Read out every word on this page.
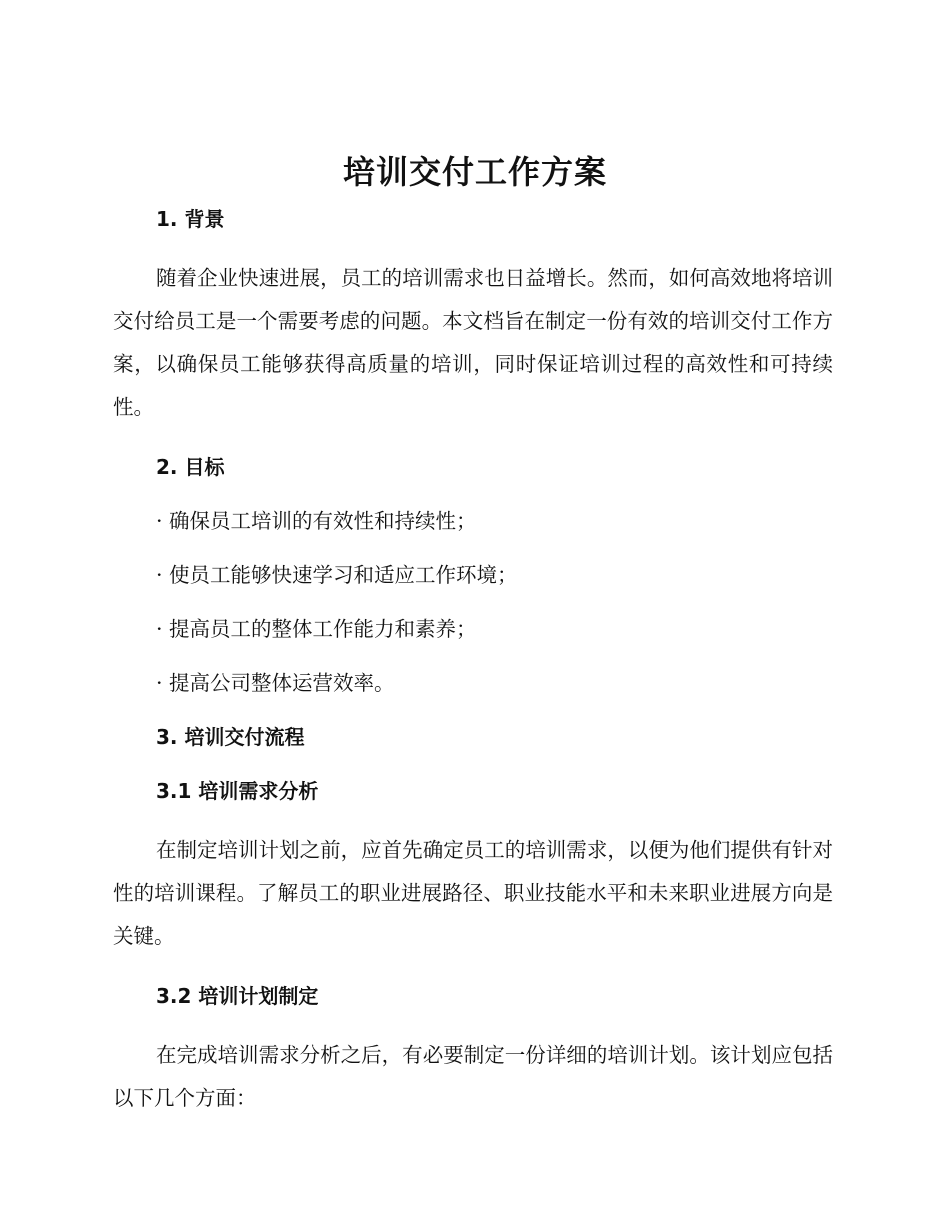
培训交付工作方案
1. 背景

随着企业快速进展，员工的培训需求也日益增长。然而，如何高效地将培训交付给员工是一个需要考虑的问题。本文档旨在制定一份有效的培训交付工作方案，以确保员工能够获得高质量的培训，同时保证培训过程的高效性和可持续性。

2. 目标
· 确保员工培训的有效性和持续性；
· 使员工能够快速学习和适应工作环境；
· 提高员工的整体工作能力和素养；
· 提高公司整体运营效率。
3. 培训交付流程
3.1 培训需求分析

在制定培训计划之前，应首先确定员工的培训需求，以便为他们提供有针对性的培训课程。了解员工的职业进展路径、职业技能水平和未来职业进展方向是关键。

3.2 培训计划制定

在完成培训需求分析之后，有必要制定一份详细的培训计划。该计划应包括以下几个方面：
